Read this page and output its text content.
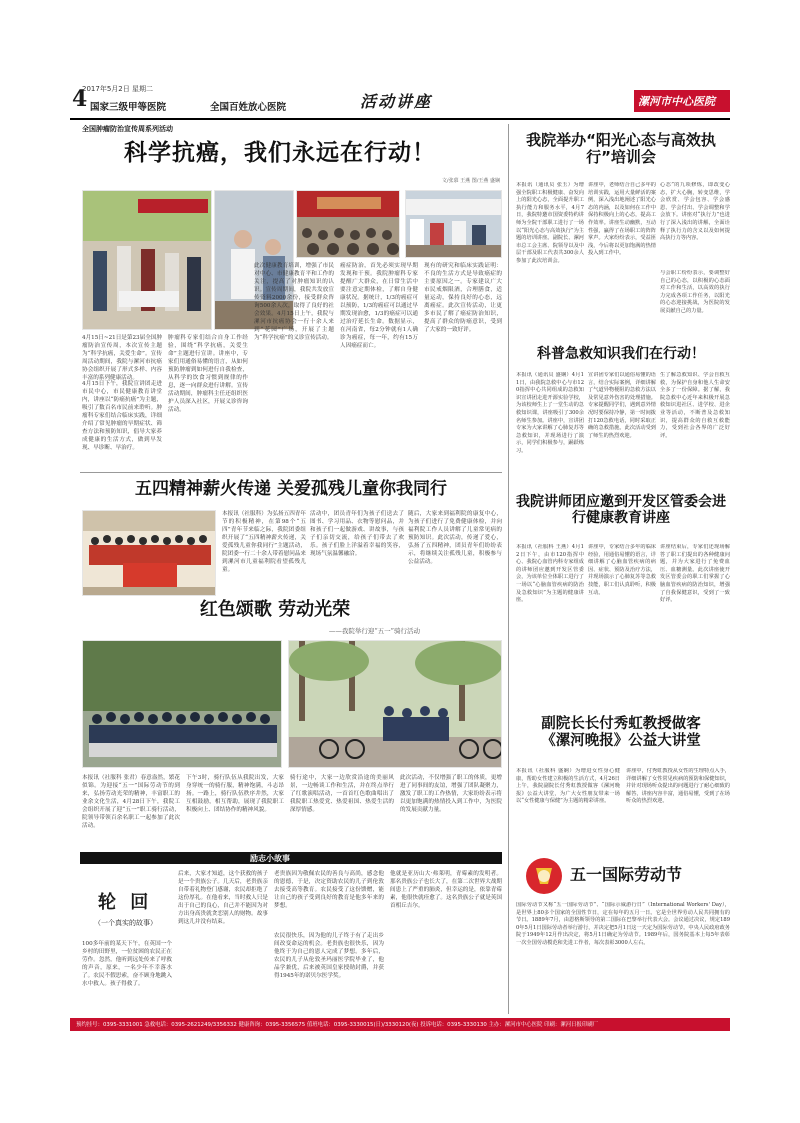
2017年5月2日 星期二
4 国家三级甲等医院	全国百姓放心医院	活动讲座	漯河市中心医院
全国肿瘤防治宣传周系列活动
科学抗癌，我们永远在行动！
文/张慕 王燕 图/王燕 盛娴
4月15日~21日是第23届全国肿瘤防治宣传周，本次宣传主题为“科学抗癌，关爱生命”。宣传周活动期间，我院与漯河市抗癌协会组织开展了形式多样、内容丰富的系列健康活动。
4月15日下午，我院宣讲团走进市民中心，市民健康教育讲堂内，讲座以“防癌抗癌”为主题，吸引了数百名市民前来聆听。肿瘤科专家们结合临床实践，详细介绍了常见肿瘤的早期症状、筛查方法和预防知识，倡导大家养成健康的生活方式，做到早发现、早诊断、早治疗。
肿瘤科专家们结合自身工作经验，围绕“科学抗癌，关爱生命”主题进行宣讲。讲座中，专家们用通俗易懂的语言，从如何预防肿瘤到如何进行自我检查，从科学的饮食习惯到规律的作息，逐一向群众进行讲解。宣传活动期间，肿瘤科主任还组织医护人员深入社区，开展义诊咨询活动。
此次健康教育培训，增强了市民对中心、市健康教育平和工作的关注，提高了对肿瘤知识的认识。宣传周期间，我院共发放宣传资料2000余份，接受群众咨询500余人次，取得了良好的社会效果。4月15日上午，我院与漯河市抗癌协会一行十余人来到“花园”广场，开展了主题为“科学抗癌”的义诊宣传活动。
癌症防治，首先必须实现早期发现和干预。我院肿瘤科专家提醒广大群众，在日常生活中要注意定期体检，了解自身健康状况。据统计，1/3的癌症可以预防，1/3的癌症可以通过早期发现治愈，1/3的癌症可以通过治疗延长生命。数据显示，在河南省，每2分钟就有1人确诊为癌症，每一年，约有15万人因癌症而亡。
现有的研究和临床实践证明：不良的生活方式是导致癌症的主要原因之一。专家建议广大市民戒烟限酒，合理膳食，适量运动，保持良好的心态，远离癌症。此次宣传活动，让更多市民了解了癌症防治知识，提高了群众的防癌意识，受到了大家的一致好评。
我院举办“阳光心态与高效执行”培训会
本报讯（通讯员 张玉）为增强全院职工积极健康、奋发向上的阳光心态，全面提升职工执行能力和服务水平，4月7日，我院特邀市国资委特约讲师为全院干部职工进行了一场以“阳光心态与高效执行”为主题的培训讲座。副院长、漯河市总工会主席、院领导以及中层干部及职工代表共300余人参加了此次培训会。
讲座中，老师结合自己多年的培训实践，运用大量鲜活的案例，深入浅出地阐述了阳光心态的内涵，以及如何在工作中保持积极向上的心态，提高工作效率。讲座生动幽默，互动性强，赢得了在场职工的阵阵掌声。大家纷纷表示，受益匪浅，今后将以更加饱满的热情投入到工作中。
心态”的九项修炼，即改变心态，扩大心胸，转变思维，学会欣赏、学会包容、学会感恩、学会付出、学会调整和学会放下。讲座对“执行力”也进行了深入浅出的讲解，全面诠释了执行力的含义以及如何提高执行力等内容。
与会职工纷纷表示，要调整好自己的心态，以积极的心态面对工作和生活，以高效的执行力完成各项工作任务，以阳光的心态迎接挑战，为医院的发展贡献自己的力量。
科普急救知识我们在行动！
本报讯（通讯员 盛娴）4月11日，由我院急救中心与市120指挥中心共同组成的急救知识宣讲团走进开源实验学校，为该校师生上了一堂生动的急救知识课，讲座吸引了300余名师生参加。讲座中，宣讲团专家为大家讲解了心肺复苏等急救知识，并现场进行了演示，同学们积极参与，踊跃练习。
宣讲团专家们以通俗易懂的语言，结合实际案例，详细讲解了气道异物梗阻的急救方法以及常见意外伤害的处理措施。专家提醒同学们，遇到意外情况时要保持冷静，第一时间拨打120急救电话，同时采取正确的急救措施。此次活动受到了师生的热烈欢迎。
生了解急救知识、学会自救互救，为保护自身和他人生命安全多了一份保障。据了解，我院急救中心近年来积极开展急救知识进社区、进学校、进企业等活动，不断普及急救知识，提高群众的自救互救能力，受到社会各界的广泛好评。
五四精神薪火传递 关爱孤残儿童你我同行
本报讯（社服科）为弘扬五四青年节的积极精神，在第98个“五四”青年节来临之际，我院团委组织开展了“五四精神薪火传递，关爱孤残儿童你我同行”主题活动，院团委一行二十余人带着慰问品来到漯河市儿童福利院看望孤残儿童。
活动中，团员青年们为孩子们送去了图书、学习用品、衣物等慰问品，并和孩子们一起做游戏、讲故事，与孩子们亲切交流，给孩子们带去了欢乐。孩子们脸上洋溢着幸福的笑容，现场气氛温馨融洽。
随后，大家来到福利院的康复中心，为孩子们进行了免费健康体检，并向福利院工作人员讲解了儿童常见病的预防知识。此次活动，传递了爱心，弘扬了五四精神，团员青年们纷纷表示，将继续关注孤残儿童，积极参与公益活动。
红色颂歌 劳动光荣
——我院举行迎“五一”骑行活动
本报讯（社服科 张君）春意盎然，繁花似锦。为迎接“五一”国际劳动节的到来，弘扬劳动光荣的精神，丰富职工的业余文化生活，4月28日下午，我院工会组织开展了迎“五一”职工骑行活动，院领导带领百余名职工一起参加了此次活动。
下午3时，骑行队伍从我院出发，大家身穿统一的骑行服，精神饱满，斗志昂扬。一路上，骑行队伍秩序井然，大家互相鼓励，相互帮助，展现了我院职工积极向上、团结协作的精神风貌。
骑行途中，大家一边欣赏沿途的美丽风景，一边畅谈工作和生活，并在终点举行了红歌演唱活动，一首首红色歌曲唱出了我院职工热爱党、热爱祖国、热爱生活的深厚情感。
此次活动，不仅增强了职工的体质，更增进了同事间的友谊，增强了团队凝聚力，激发了职工的工作热情，大家纷纷表示将以更加饱满的热情投入到工作中，为医院的发展贡献力量。
我院讲师团应邀到开发区管委会进行健康教育讲座
本报讯（社服科 王燕）4月12日下午，由市120指挥中心、我院心血管内科专家组成的讲师团应邀到开发区管委会，为该单位全体职工进行了一场以“心脑血管疾病的防治及急救知识”为主题的健康讲座。
讲座中，专家结合多年的临床经验，用通俗易懂的语言，详细讲解了心脑血管疾病的病因、症状、预防及治疗方法，并现场演示了心肺复苏等急救技能，职工们认真聆听，积极互动。
讲座结束后，专家们还现场解答了职工们提出的各种健康问题，并为大家进行了免费血压、血糖测量。此次讲座使开发区管委会的职工们掌握了心脑血管疾病的防治知识，增强了自我保健意识，受到了一致好评。
副院长长付秀虹教授做客《漯河晚报》公益大讲堂
本报讯（社服科 盛娴）为增进女性身心健康，帮助女性建立积极的生活方式，4月26日上午，我院副院长付秀虹教授做客《漯河晚报》公益大讲堂，为广大女性朋友带来一场以“女性健康与保健”为主题的精彩讲座。
讲座中，付秀虹教授从女性的生理特点入手，详细讲解了女性常见疾病的预防和保健知识，并针对现场听众提出的问题进行了耐心细致的解答，讲座内容丰富，通俗易懂，受到了在场听众的热烈欢迎。
励志小故事
轮 回
（一个真实的故事）
100多年前的某天下午，在英国一个乡村的田野里，一位贫困的农民正在劳作。忽然，他听到远处传来了呼救的声音，原来，一名少年不幸落水了。农民不假思索，奋不顾身地跳入水中救人。孩子得救了。
后来，大家才知道，这个获救的孩子是一个贵族公子。几天后，老贵族亲自带着礼物登门感谢，农民却拒绝了这份厚礼。在他看来，当时救人只是出于自己的良心，自己并不能因为对方出身高贵就贪恋别人的财物。故事到这儿并没有结束。
老贵族因为敬佩农民的善良与高尚，感念他的恩德，于是，决定资助农民的儿子到伦敦去接受高等教育。农民接受了这份馈赠，能让自己的孩子受到良好的教育是他多年来的梦想。
农民很快乐，因为他的儿子终于有了走出乡间改变命运的机会。老贵族也很快乐，因为他终于为自己的恩人完成了梦想。多年后，农民的儿子从伦敦圣玛丽医学院毕业了，他品学兼优，后来被英国皇家授勋封爵，并获得1945年的诺贝尔医学奖。
他就是亚历山大·弗莱明，青霉素的发明者。那名贵族公子也长大了，在第二次世界大战期间患上了严重的肺炎，但幸运的是，依靠青霉素，他很快就痊愈了。这名贵族公子就是英国首相丘吉尔。
五一国际劳动节
国际劳动节又称“五一国际劳动节”、“国际示威游行日”（International Workers' Day），是世界上80多个国家的全国性节日，定在每年的五月一日。它是全世界劳动人民共同拥有的节日。1889年7月，由恩格斯领导的第二国际在巴黎举行代表大会。会议通过决议，规定1890年5月1日国际劳动者举行游行，并决定把5月1日这一天定为国际劳动节。中央人民政府政务院于1949年12月作出决定，将5月1日确定为劳动节。1989年后，国务院基本上每5年表彰一次全国劳动模范和先进工作者，每次表彰3000人左右。
预约挂号：0395-3331001 急救电话：0395-2621249/3356332 健康咨询：0395-3356575 值班电话：0395-3330015(日)/3330120(夜) 投诉电话：0395-3330130 主办：漯河市中心医院 印刷：漯河日报印刷厂
